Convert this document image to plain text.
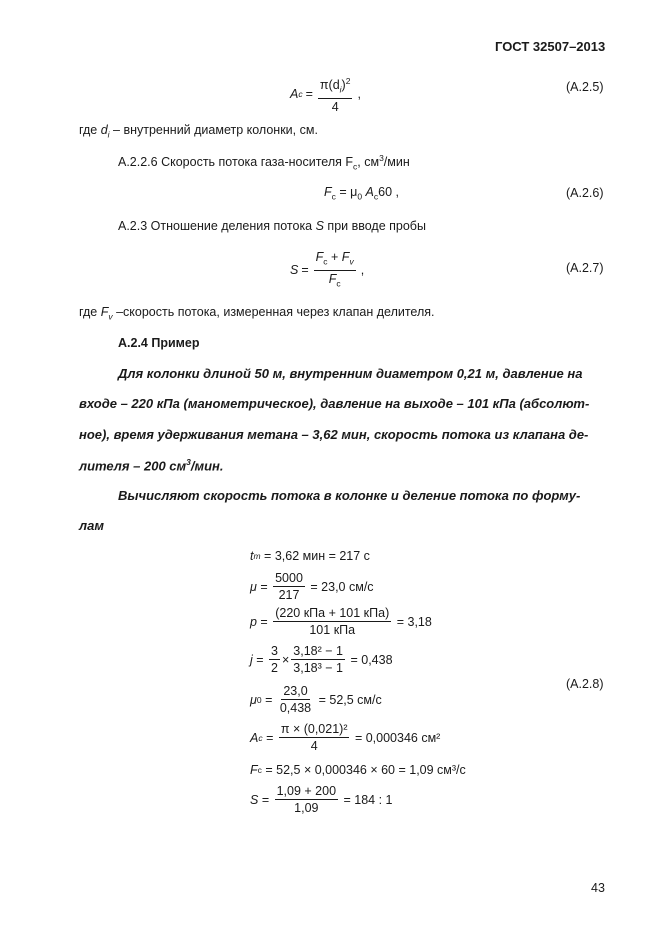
ГОСТ 32507–2013
A $c = \frac{\pi(d_i)^2}{4}$ ,	(A.2.5)
где $d_i$ – внутренний диаметр колонки, см.
A.2.2.6 Скорость потока газа-носителя $F_c$, $см^3$/мин
$F_c = \mu_0$ $A_c60$ ,	(A.2.6)
A.2.3 Отношение деления потока S при вводе пробы
$S = \frac{F_c + F_v}{F_c}$ ,	(A.2.7)
где $F_v$ –скорость потока, измеренная через клапан делителя.
А.2.4 Пример
Для колонки длиной 50 м, внутренним диаметром 0,21 м, давление на
входе – 220 кПа (манометрическое), давление на выходе – 101 кПа (абсолют-
ное), время удерживания метана – 3,62 мин, скорость потока из клапана де-
лителя – 200 $см^3$/мин.
Вычисляют скорость потока в колонке и деление потока по форму-
лам
t m = 3,62 мин = 217 с
$\mu = \frac{5000}{217} = 23,0$ см/с
$p = \frac{\text{(220 кПа + 101 кПа)}}{\text{101 кПа}} = 3,18$
$j = \frac{3}{2} \times \frac{\text{3,18² − 1}}{\text{3,18³ − 1}} = 0,438$
μ $0 = \frac{23,0}{0,438} = 52,5$ см/с
(A.2.8)
A $c = \frac{\text{π × (0,021)²}}{4} = 0,000346$ см²
F c = 52,5 × 0,000346 × 60 = 1,09 см³/с
$S = \frac{1,09 + 200}{1,09} = 184$ : 1
43
